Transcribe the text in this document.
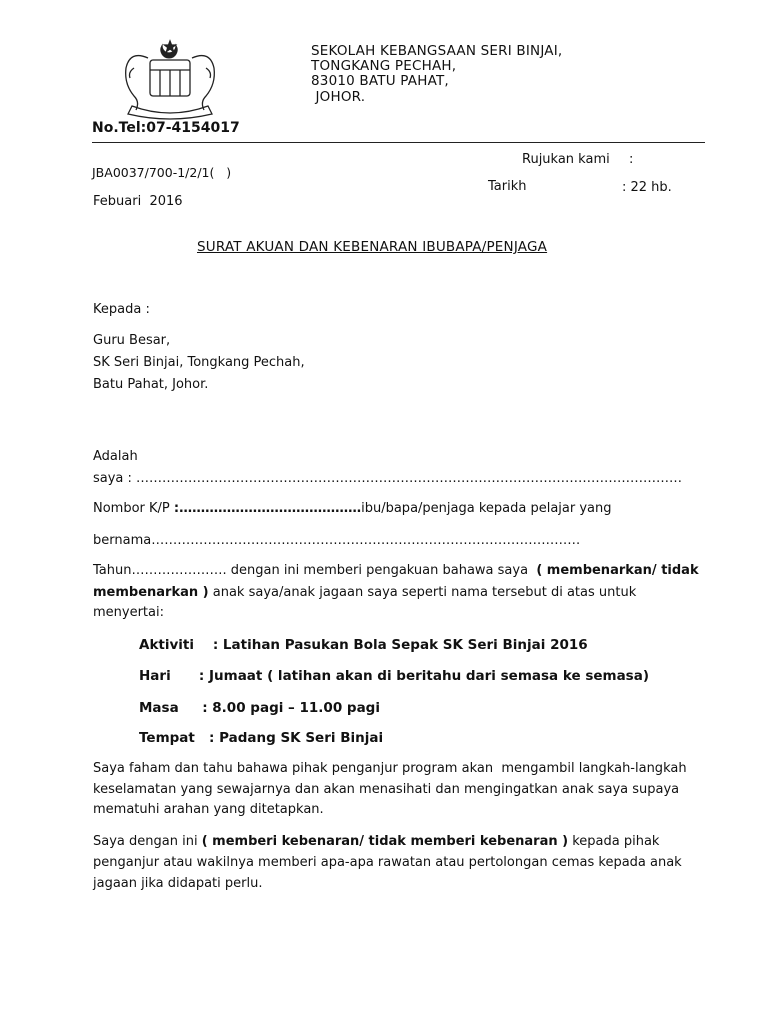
SEKOLAH KEBANGSAAN SERI BINJAI,
TONGKANG PECHAH,
83010 BATU PAHAT,
JOHOR.
No.Tel:07-4154017
Rujukan kami :
JBA0037/700-1/2/1(   )
Tarikh	: 22 hb.
Febuari  2016
SURAT AKUAN DAN KEBENARAN IBUBAPA/PENJAGA
Kepada :
Guru Besar,
SK Seri Binjai, Tongkang Pechah,
Batu Pahat, Johor.
Adalah
saya : ………………………………………………………………………………………………………………
Nombor K/P :……………………………………ibu/bapa/penjaga kepada pelajar yang
bernama………………………………………………………………………………………
Tahun…………………. dengan ini memberi pengakuan bahawa saya  ( membenarkan/ tidak
membenarkan ) anak saya/anak jagaan saya seperti nama tersebut di atas untuk
menyertai:
Aktiviti    : Latihan Pasukan Bola Sepak SK Seri Binjai 2016
Hari      : Jumaat ( latihan akan di beritahu dari semasa ke semasa)
Masa     : 8.00 pagi – 11.00 pagi
Tempat   : Padang SK Seri Binjai
Saya faham dan tahu bahawa pihak penganjur program akan  mengambil langkah-langkah
keselamatan yang sewajarnya dan akan menasihati dan mengingatkan anak saya supaya
mematuhi arahan yang ditetapkan.
Saya dengan ini ( memberi kebenaran/ tidak memberi kebenaran ) kepada pihak
penganjur atau wakilnya memberi apa-apa rawatan atau pertolongan cemas kepada anak
jagaan jika didapati perlu.
